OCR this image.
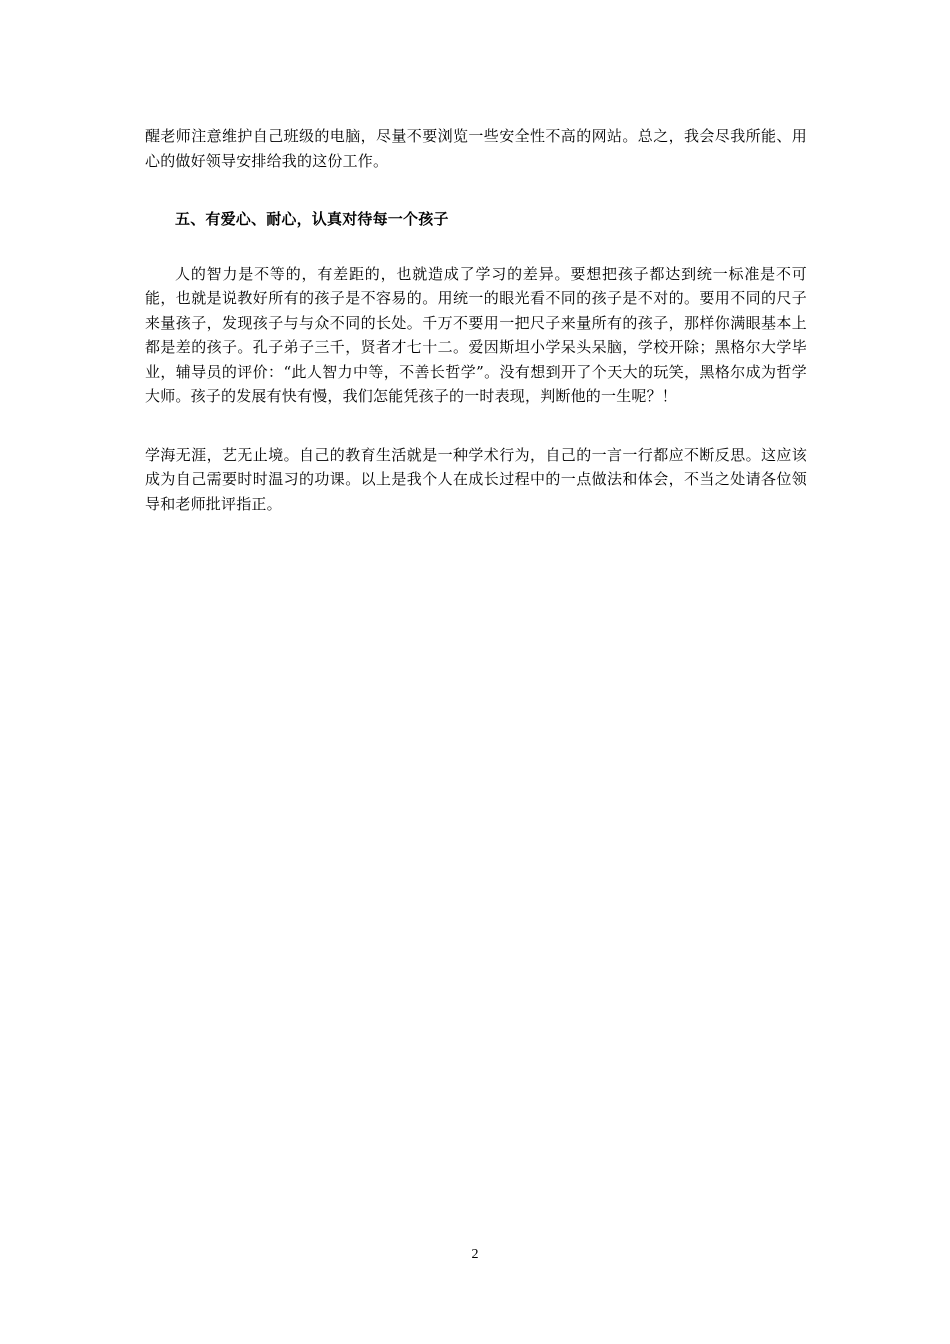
醒老师注意维护自己班级的电脑，尽量不要浏览一些安全性不高的网站。总之，我会尽我所能、用心的做好领导安排给我的这份工作。

五、有爱心、耐心，认真对待每一个孩子

人的智力是不等的，有差距的，也就造成了学习的差异。要想把孩子都达到统一标准是不可能，也就是说教好所有的孩子是不容易的。用统一的眼光看不同的孩子是不对的。要用不同的尺子来量孩子，发现孩子与与众不同的长处。千万不要用一把尺子来量所有的孩子，那样你满眼基本上都是差的孩子。孔子弟子三千，贤者才七十二。爱因斯坦小学呆头呆脑，学校开除；黑格尔大学毕业，辅导员的评价：“此人智力中等，不善长哲学”。没有想到开了个天大的玩笑，黑格尔成为哲学大师。孩子的发展有快有慢，我们怎能凭孩子的一时表现，判断他的一生呢？！

学海无涯，艺无止境。自己的教育生活就是一种学术行为，自己的一言一行都应不断反思。这应该成为自己需要时时温习的功课。以上是我个人在成长过程中的一点做法和体会，不当之处请各位领导和老师批评指正。

2
